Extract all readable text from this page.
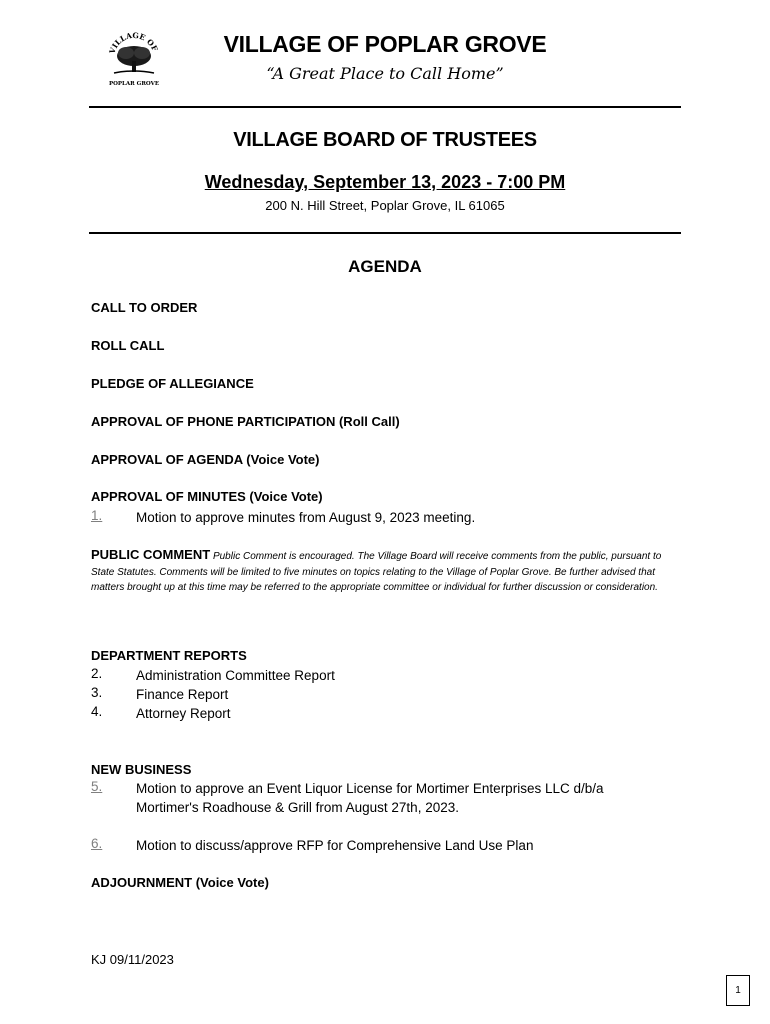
VILLAGE OF
POPLAR GROVE
VILLAGE OF POPLAR GROVE
“A Great Place to Call Home”
VILLAGE BOARD OF TRUSTEES
Wednesday, September 13, 2023 - 7:00 PM
200 N. Hill Street, Poplar Grove, IL 61065
AGENDA
CALL TO ORDER
ROLL CALL
PLEDGE OF ALLEGIANCE
APPROVAL OF PHONE PARTICIPATION (Roll Call)
APPROVAL OF AGENDA (Voice Vote)
APPROVAL OF MINUTES (Voice Vote)
1. Motion to approve minutes from August 9, 2023 meeting.
PUBLIC COMMENT Public Comment is encouraged. The Village Board will receive comments from the public, pursuant to State Statutes. Comments will be limited to five minutes on topics relating to the Village of Poplar Grove. Be further advised that matters brought up at this time may be referred to the appropriate committee or individual for further discussion or consideration.
DEPARTMENT REPORTS
2. Administration Committee Report
3. Finance Report
4. Attorney Report
NEW BUSINESS
5. Motion to approve an Event Liquor License for Mortimer Enterprises LLC d/b/a Mortimer's Roadhouse & Grill from August 27th, 2023.
6. Motion to discuss/approve RFP for Comprehensive Land Use Plan
ADJOURNMENT (Voice Vote)
KJ 09/11/2023
1
